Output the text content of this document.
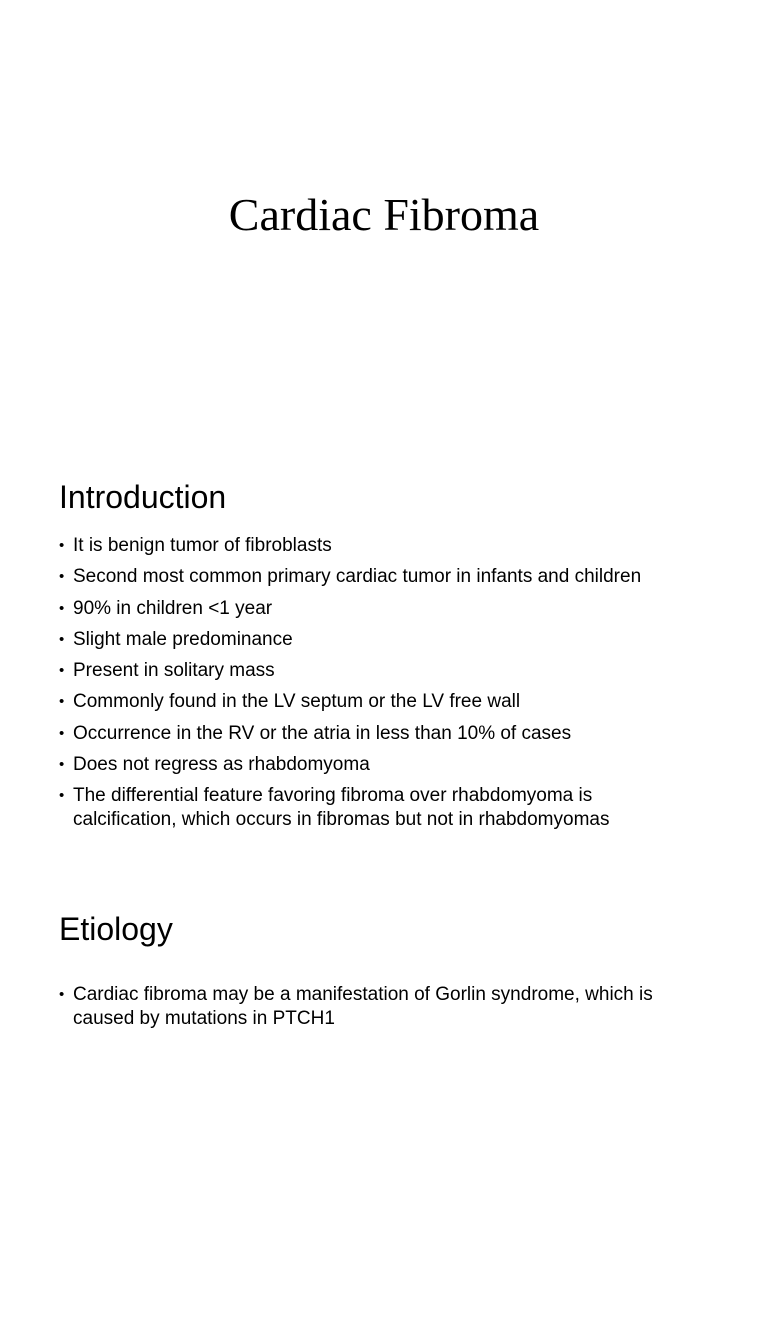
Cardiac Fibroma
Introduction
• It is benign tumor of fibroblasts
• Second most common primary cardiac tumor in infants and children
• 90% in children <1 year
• Slight male predominance
• Present in solitary mass
• Commonly found in the LV septum or the LV free wall
• Occurrence in the RV or the atria in less than 10% of cases
• Does not regress as rhabdomyoma
• The differential feature favoring fibroma over rhabdomyoma is calcification, which occurs in fibromas but not in rhabdomyomas
Etiology
• Cardiac fibroma may be a manifestation of Gorlin syndrome, which is caused by mutations in PTCH1
